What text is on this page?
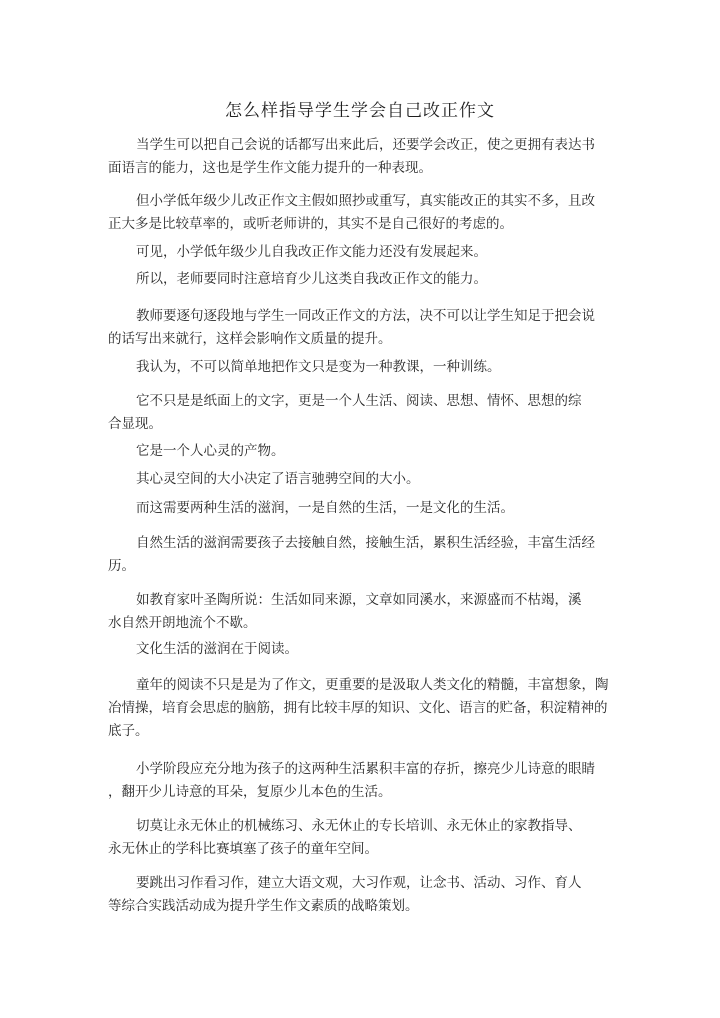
怎么样指导学生学会自己改正作文
当学生可以把自己会说的话都写出来此后，还要学会改正，使之更拥有表达书
面语言的能力，这也是学生作文能力提升的一种表现。
但小学低年级少儿改正作文主假如照抄或重写，真实能改正的其实不多，且改
正大多是比较草率的，或听老师讲的，其实不是自己很好的考虑的。
可见，小学低年级少儿自我改正作文能力还没有发展起来。
所以，老师要同时注意培育少儿这类自我改正作文的能力。
教师要逐句逐段地与学生一同改正作文的方法，决不可以让学生知足于把会说
的话写出来就行，这样会影响作文质量的提升。
我认为，不可以简单地把作文只是变为一种教课，一种训练。
它不只是是纸面上的文字，更是一个人生活、阅读、思想、情怀、思想的综
合显现。
它是一个人心灵的产物。
其心灵空间的大小决定了语言驰骋空间的大小。
而这需要两种生活的滋润，一是自然的生活，一是文化的生活。
自然生活的滋润需要孩子去接触自然，接触生活，累积生活经验，丰富生活经
历。
如教育家叶圣陶所说：生活如同来源，文章如同溪水，来源盛而不枯竭，溪
水自然开朗地流个不歇。
文化生活的滋润在于阅读。
童年的阅读不只是是为了作文，更重要的是汲取人类文化的精髓，丰富想象，陶
冶情操，培育会思虑的脑筋，拥有比较丰厚的知识、文化、语言的贮备，积淀精神的
底子。
小学阶段应充分地为孩子的这两种生活累积丰富的存折，擦亮少儿诗意的眼睛
，翻开少儿诗意的耳朵，复原少儿本色的生活。
切莫让永无休止的机械练习、永无休止的专长培训、永无休止的家教指导、
永无休止的学科比赛填塞了孩子的童年空间。
要跳出习作看习作，建立大语文观，大习作观，让念书、活动、习作、育人
等综合实践活动成为提升学生作文素质的战略策划。
